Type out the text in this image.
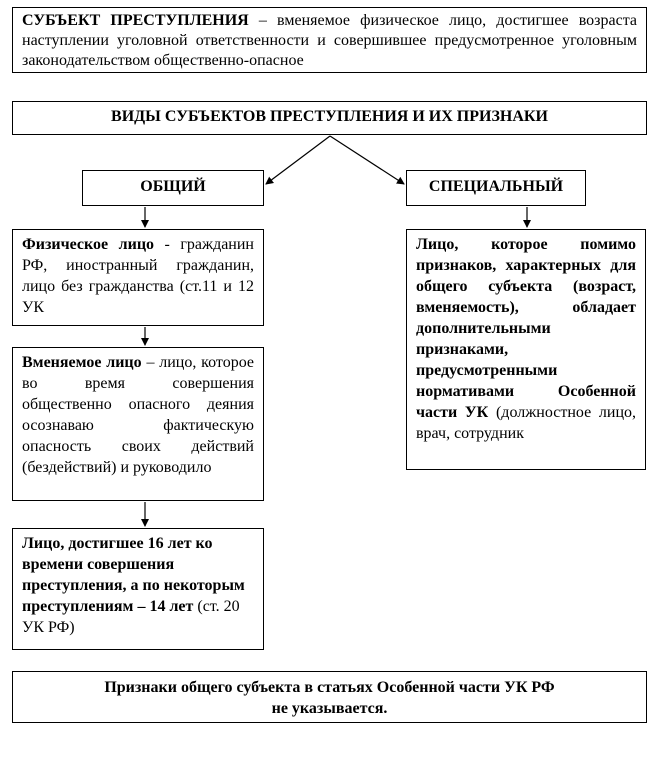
СУБЪЕКТ ПРЕСТУПЛЕНИЯ – вменяемое физическое лицо, достигшее возраста наступлении уголовной ответственности и совершившее предусмотренное уголовным законодательством общественно-опасное
ВИДЫ СУБЪЕКТОВ ПРЕСТУПЛЕНИЯ И ИХ ПРИЗНАКИ
ОБЩИЙ	СПЕЦИАЛЬНЫЙ
Физическое лицо - гражданин РФ, иностранный гражданин, лицо без гражданства (ст.11 и 12 УК
Вменяемое лицо – лицо, которое во время совершения общественно опасного деяния осознаваю фактическую опасность своих действий (бездействий) и руководило
Лицо, достигшее 16 лет ко времени совершения преступления, а по некоторым преступлениям – 14 лет (ст. 20 УК РФ)
Лицо, которое помимо признаков, характерных для общего субъекта (возраст, вменяемость), обладает дополнительными признаками, предусмотренными нормативами Особенной части УК (должностное лицо, врач, сотрудник
Признаки общего субъекта в статьях Особенной части УК РФ
не указывается.
